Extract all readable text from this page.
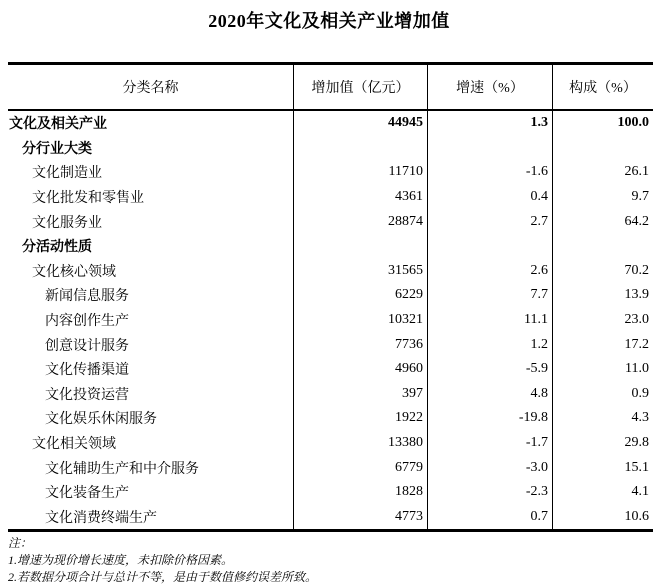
2020年文化及相关产业增加值
分类名称	增加值（亿元）	增速（%）	构成（%）
文化及相关产业	44945	1.3	100.0
分行业大类
文化制造业	11710	-1.6	26.1
文化批发和零售业	4361	0.4	9.7
文化服务业	28874	2.7	64.2
分活动性质
文化核心领域	31565	2.6	70.2
新闻信息服务	6229	7.7	13.9
内容创作生产	10321	11.1	23.0
创意设计服务	7736	1.2	17.2
文化传播渠道	4960	-5.9	11.0
文化投资运营	397	4.8	0.9
文化娱乐休闲服务	1922	-19.8	4.3
文化相关领域	13380	-1.7	29.8
文化辅助生产和中介服务	6779	-3.0	15.1
文化装备生产	1828	-2.3	4.1
文化消费终端生产	4773	0.7	10.6
注：
1.增速为现价增长速度，未扣除价格因素。
2.若数据分项合计与总计不等，是由于数值修约误差所致。
